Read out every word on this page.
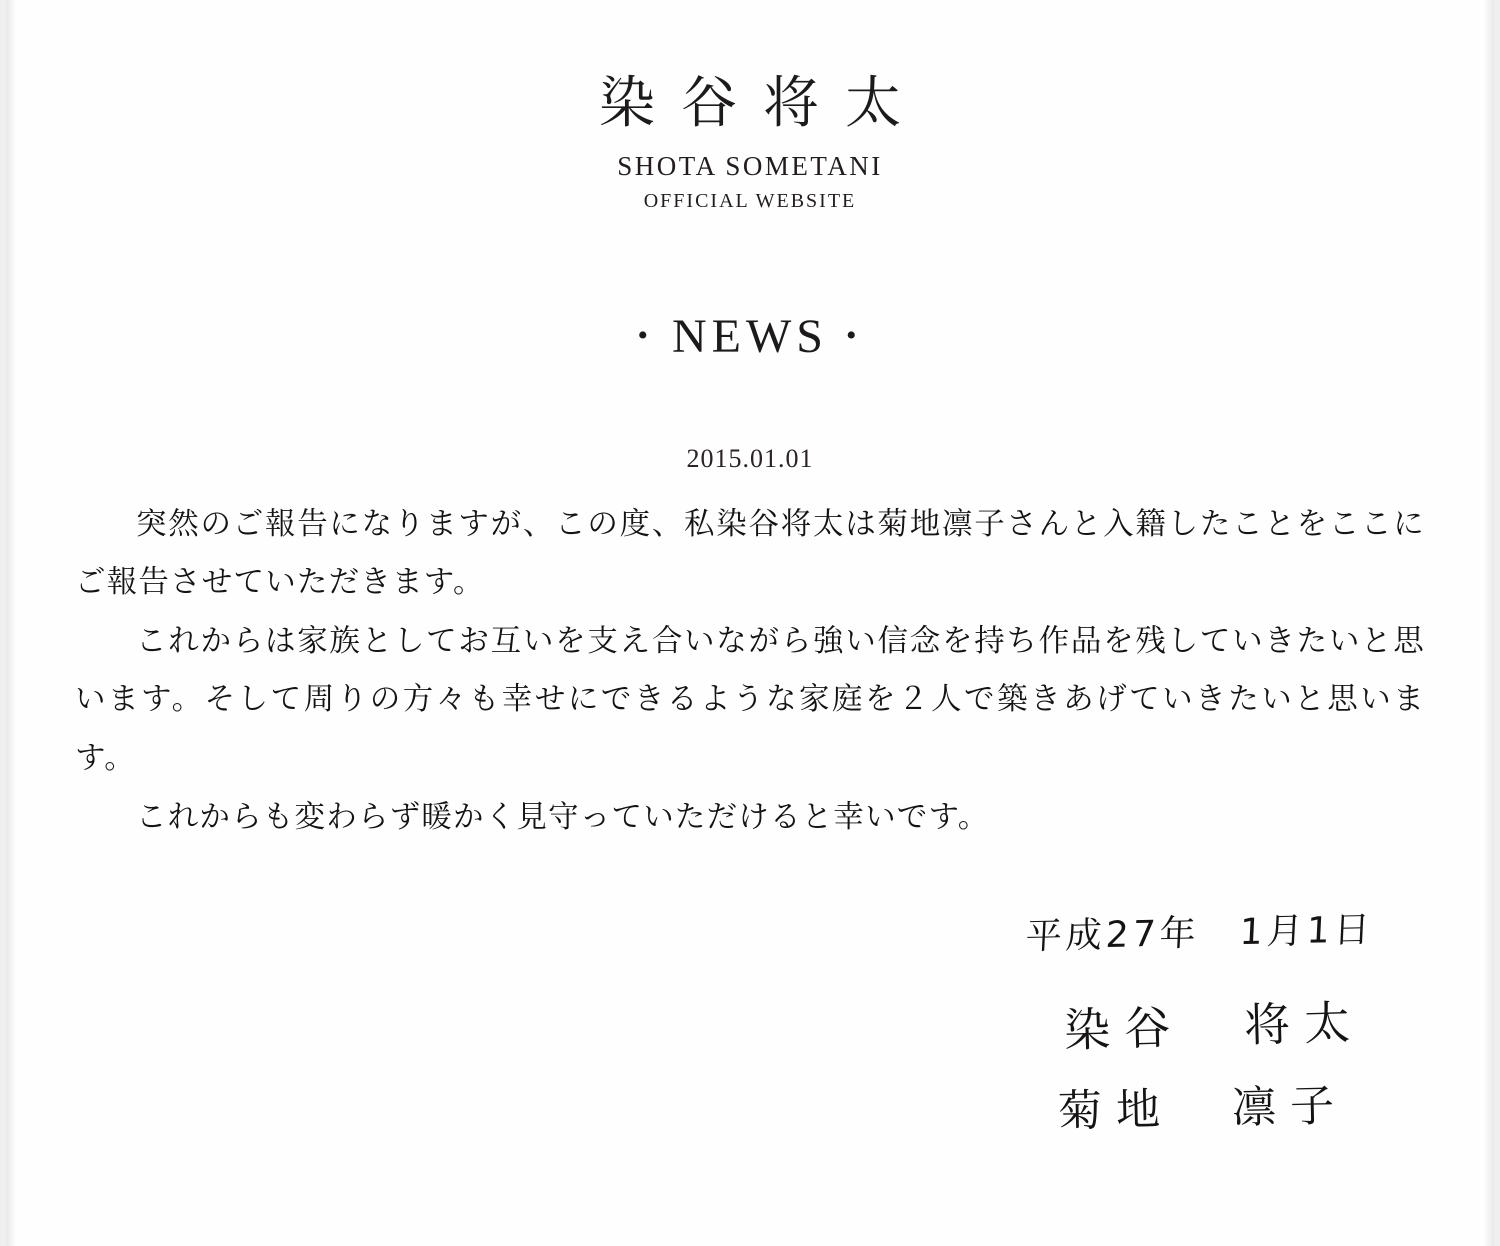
染谷将太
SHOTA SOMETANI
OFFICIAL WEBSITE
• NEWS •
2015.01.01

突然のご報告になりますが、この度、私染谷将太は菊地凛子さんと入籍したことをここにご報告させていただきます。

これからは家族としてお互いを支え合いながら強い信念を持ち作品を残していきたいと思います。そして周りの方々も幸せにできるような家庭を２人で築きあげていきたいと思います。

これからも変わらず暖かく見守っていただけると幸いです。

平成27年　1月1日
染谷　将太
菊地　凛子
